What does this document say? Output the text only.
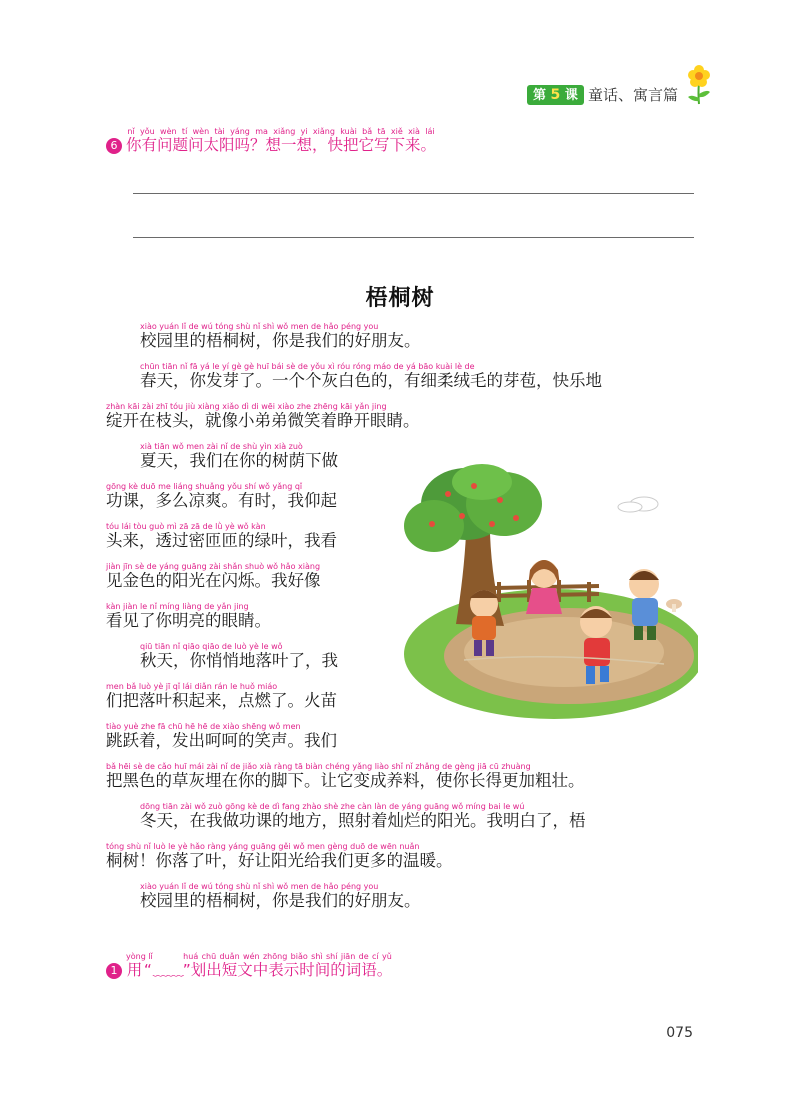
第 5 课 童话、寓言篇
6 你有问题问太阳吗？想一想，快把它写下来。nǐ yǒu wèn tí wèn tài yáng ma xiǎng yi xiǎng kuài bǎ tā xiě xià lái
梧桐树
校园里的梧桐树，你是我们的好朋友。xiào yuán lǐ de wú tóng shù nǐ shì wǒ men de hǎo péng you
春天，你发芽了。一个个灰白色的，有细柔绒毛的芽苞，快乐地chūn tiān nǐ fā yá le yí gè gè huī bái sè de yǒu xì róu róng máo de yá bāo kuài lè de
绽开在枝头，就像小弟弟微笑着睁开眼睛。zhàn kāi zài zhī tóu jiù xiàng xiǎo dì di wēi xiào zhe zhēng kāi yǎn jing
夏天，我们在你的树荫下做xià tiān wǒ men zài nǐ de shù yìn xià zuò
功课，多么凉爽。有时，我仰起gōng kè duō me liáng shuǎng yǒu shí wǒ yǎng qǐ
头来，透过密匝匝的绿叶，我看tóu lái tòu guò mì zā zā de lǜ yè wǒ kàn
见金色的阳光在闪烁。我好像jiàn jīn sè de yáng guāng zài shǎn shuò wǒ hǎo xiàng
看见了你明亮的眼睛。kàn jiàn le nǐ míng liàng de yǎn jing
秋天，你悄悄地落叶了，我qiū tiān nǐ qiāo qiāo de luò yè le wǒ
们把落叶积起来，点燃了。火苗men bǎ luò yè jī qǐ lái diǎn rán le huǒ miáo
跳跃着，发出呵呵的笑声。我们tiào yuè zhe fā chū hē hē de xiào shēng wǒ men
把黑色的草灰埋在你的脚下。让它变成养料，使你长得更加粗壮。bǎ hēi sè de cǎo huī mái zài nǐ de jiǎo xià ràng tā biàn chéng yǎng liào shǐ nǐ zhǎng de gèng jiā cū zhuàng
冬天，在我做功课的地方，照射着灿烂的阳光。我明白了，梧dōng tiān zài wǒ zuò gōng kè de dì fang zhào shè zhe càn làn de yáng guāng wǒ míng bai le wú
桐树！你落了叶，好让阳光给我们更多的温暖。tóng shù nǐ luò le yè hǎo ràng yáng guāng gěi wǒ men gèng duō de wēn nuǎn
校园里的梧桐树，你是我们的好朋友。xiào yuán lǐ de wú tóng shù nǐ shì wǒ men de hǎo péng you
1 用“yòng lǐ﹏﹏”划出短文中表示时间的词语。huá chū duǎn wén zhōng biǎo shì shí jiān de cí yǔ
075
